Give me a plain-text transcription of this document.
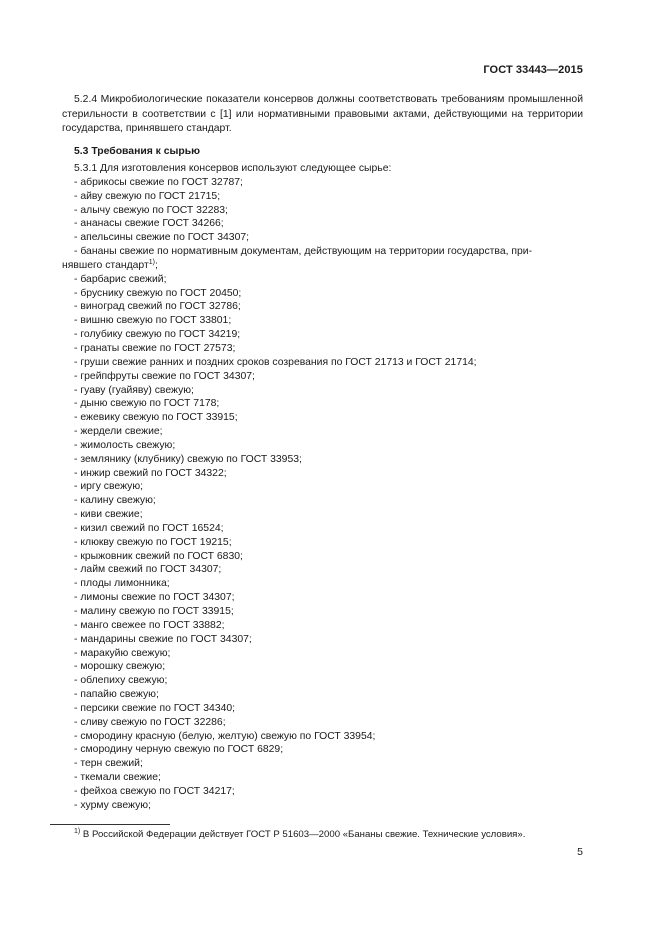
ГОСТ 33443—2015
5.2.4 Микробиологические показатели консервов должны соответствовать требованиям промышленной стерильности в соответствии с [1] или нормативными правовыми актами, действующими на территории государства, принявшего стандарт.
5.3 Требования к сырью
5.3.1 Для изготовления консервов используют следующее сырье:
- абрикосы свежие по ГОСТ 32787;
- айву свежую по ГОСТ 21715;
- алычу свежую по ГОСТ 32283;
- ананасы свежие ГОСТ 34266;
- апельсины свежие по ГОСТ 34307;
- бананы свежие по нормативным документам, действующим на территории государства, при-
нявшего стандарт$^{1)}$;
- барбарис свежий;
- бруснику свежую по ГОСТ 20450;
- виноград свежий по ГОСТ 32786;
- вишню свежую по ГОСТ 33801;
- голубику свежую по ГОСТ 34219;
- гранаты свежие по ГОСТ 27573;
- груши свежие ранних и поздних сроков созревания по ГОСТ 21713 и ГОСТ 21714;
- грейпфруты свежие по ГОСТ 34307;
- гуаву (гуайяву) свежую;
- дыню свежую по ГОСТ 7178;
- ежевику свежую по ГОСТ 33915;
- жердели свежие;
- жимолость свежую;
- землянику (клубнику) свежую по ГОСТ 33953;
- инжир свежий по ГОСТ 34322;
- иргу свежую;
- калину свежую;
- киви свежие;
- кизил свежий по ГОСТ 16524;
- клюкву свежую по ГОСТ 19215;
- крыжовник свежий по ГОСТ 6830;
- лайм свежий по ГОСТ 34307;
- плоды лимонника;
- лимоны свежие по ГОСТ 34307;
- малину свежую по ГОСТ 33915;
- манго свежее по ГОСТ 33882;
- мандарины свежие по ГОСТ 34307;
- маракуйю свежую;
- морошку свежую;
- облепиху свежую;
- папайю свежую;
- персики свежие по ГОСТ 34340;
- сливу свежую по ГОСТ 32286;
- смородину красную (белую, желтую) свежую по ГОСТ 33954;
- смородину черную свежую по ГОСТ 6829;
- терн свежий;
- ткемали свежие;
- фейхоа свежую по ГОСТ 34217;
- хурму свежую;
$^{1)}$ В Российской Федерации действует ГОСТ Р 51603—2000 «Бананы свежие. Технические условия».
5
